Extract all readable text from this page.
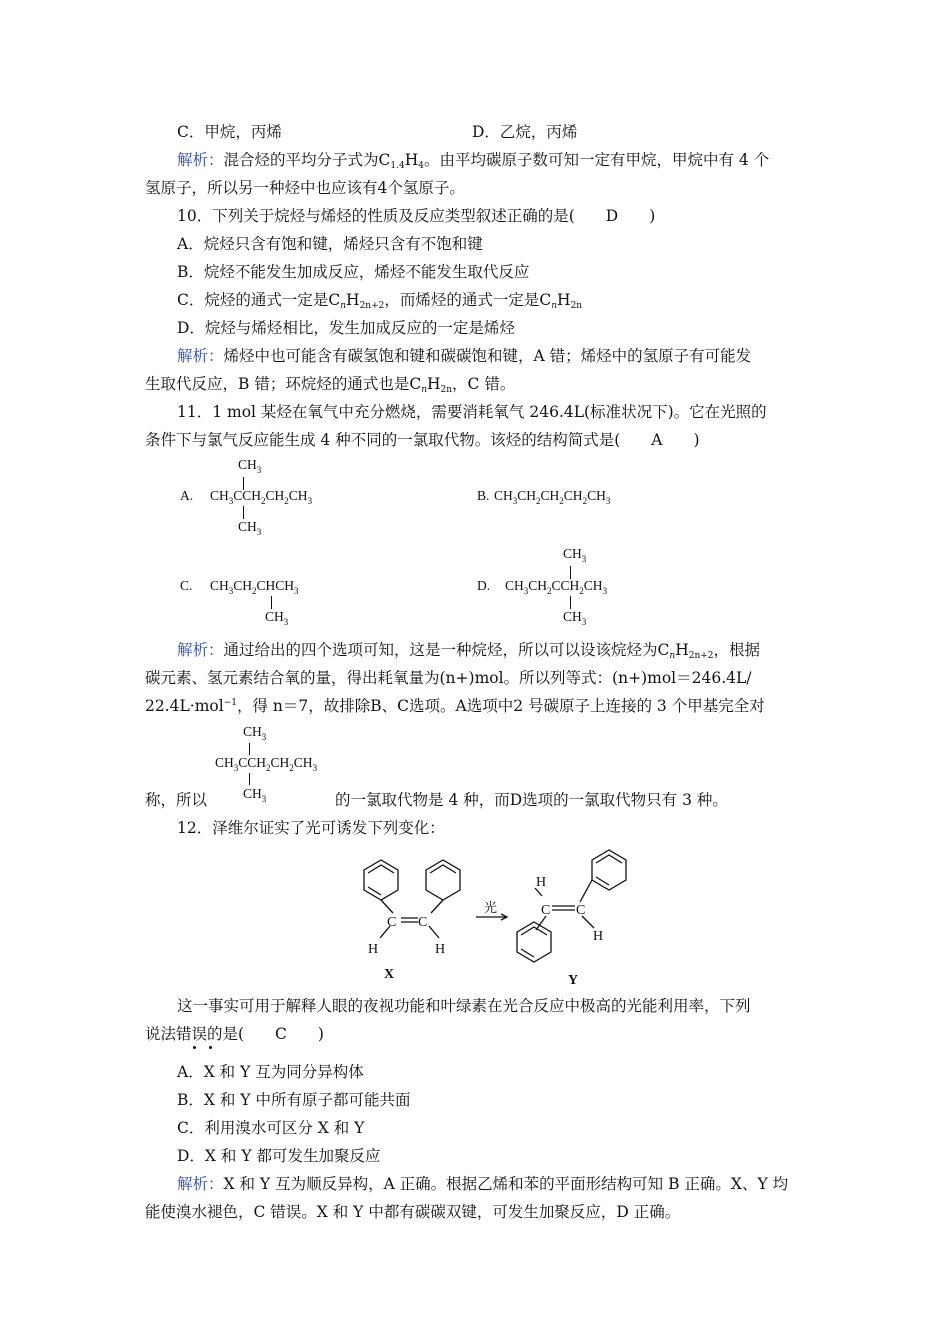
C．甲烷，丙烯	D．乙烷，丙烯
解析：混合烃的平均分子式为C1.4H4。由平均碳原子数可知一定有甲烷，甲烷中有 4 个
氢原子，所以另一种烃中也应该有4个氢原子。
10．下列关于烷烃与烯烃的性质及反应类型叙述正确的是(　　D　　)
A．烷烃只含有饱和键，烯烃只含有不饱和键
B．烷烃不能发生加成反应，烯烃不能发生取代反应
C．烷烃的通式一定是CnH2n+2，而烯烃的通式一定是CnH2n
D．烷烃与烯烃相比，发生加成反应的一定是烯烃
解析：烯烃中也可能含有碳氢饱和键和碳碳饱和键，A 错；烯烃中的氢原子有可能发
生取代反应，B 错；环烷烃的通式也是CnH2n，C 错。
11．1 mol 某烃在氧气中充分燃烧，需要消耗氧气 246.4L(标准状况下)。它在光照的
条件下与氯气反应能生成 4 种不同的一氯取代物。该烃的结构简式是(　　A　　)
A.
$CH_3$
$CH_3CCH_2CH_2CH_3$
$CH_3$
B. $CH_3CH_2CH_2CH_2CH_3$
C. $CH_3CH_2CHCH_3$
$CH_3$
D.
$CH_3$
$CH_3CH_2CCH_2CH_3$
$CH_3$
解析：通过给出的四个选项可知，这是一种烷烃，所以可以设该烷烃为CnH2n+2，根据
碳元素、氢元素结合氧的量，得出耗氧量为(n+)mol。所以列等式：(n+)mol＝246.4L/
22.4L·mol$^{-1}$，得 n＝7，故排除B、C选项。A选项中2 号碳原子上连接的 3 个甲基完全对
$CH_3$
$CH_3CCH_2CH_2CH_3$
$CH_3$
称，所以	的一氯取代物是 4 种，而D选项的一氯取代物只有 3 种。
12．泽维尔证实了光可诱发下列变化：
C C
H	H
X
光
H
C C
H
Y
这一事实可用于解释人眼的夜视功能和叶绿素在光合反应中极高的光能利用率，下列
说法错误的是(　　C　　)
A．X 和 Y 互为同分异构体
B．X 和 Y 中所有原子都可能共面
C．利用溴水可区分 X 和 Y
D．X 和 Y 都可发生加聚反应
解析：X 和 Y 互为顺反异构，A 正确。根据乙烯和苯的平面形结构可知 B 正确。X、Y 均
能使溴水褪色，C 错误。X 和 Y 中都有碳碳双键，可发生加聚反应，D 正确。
